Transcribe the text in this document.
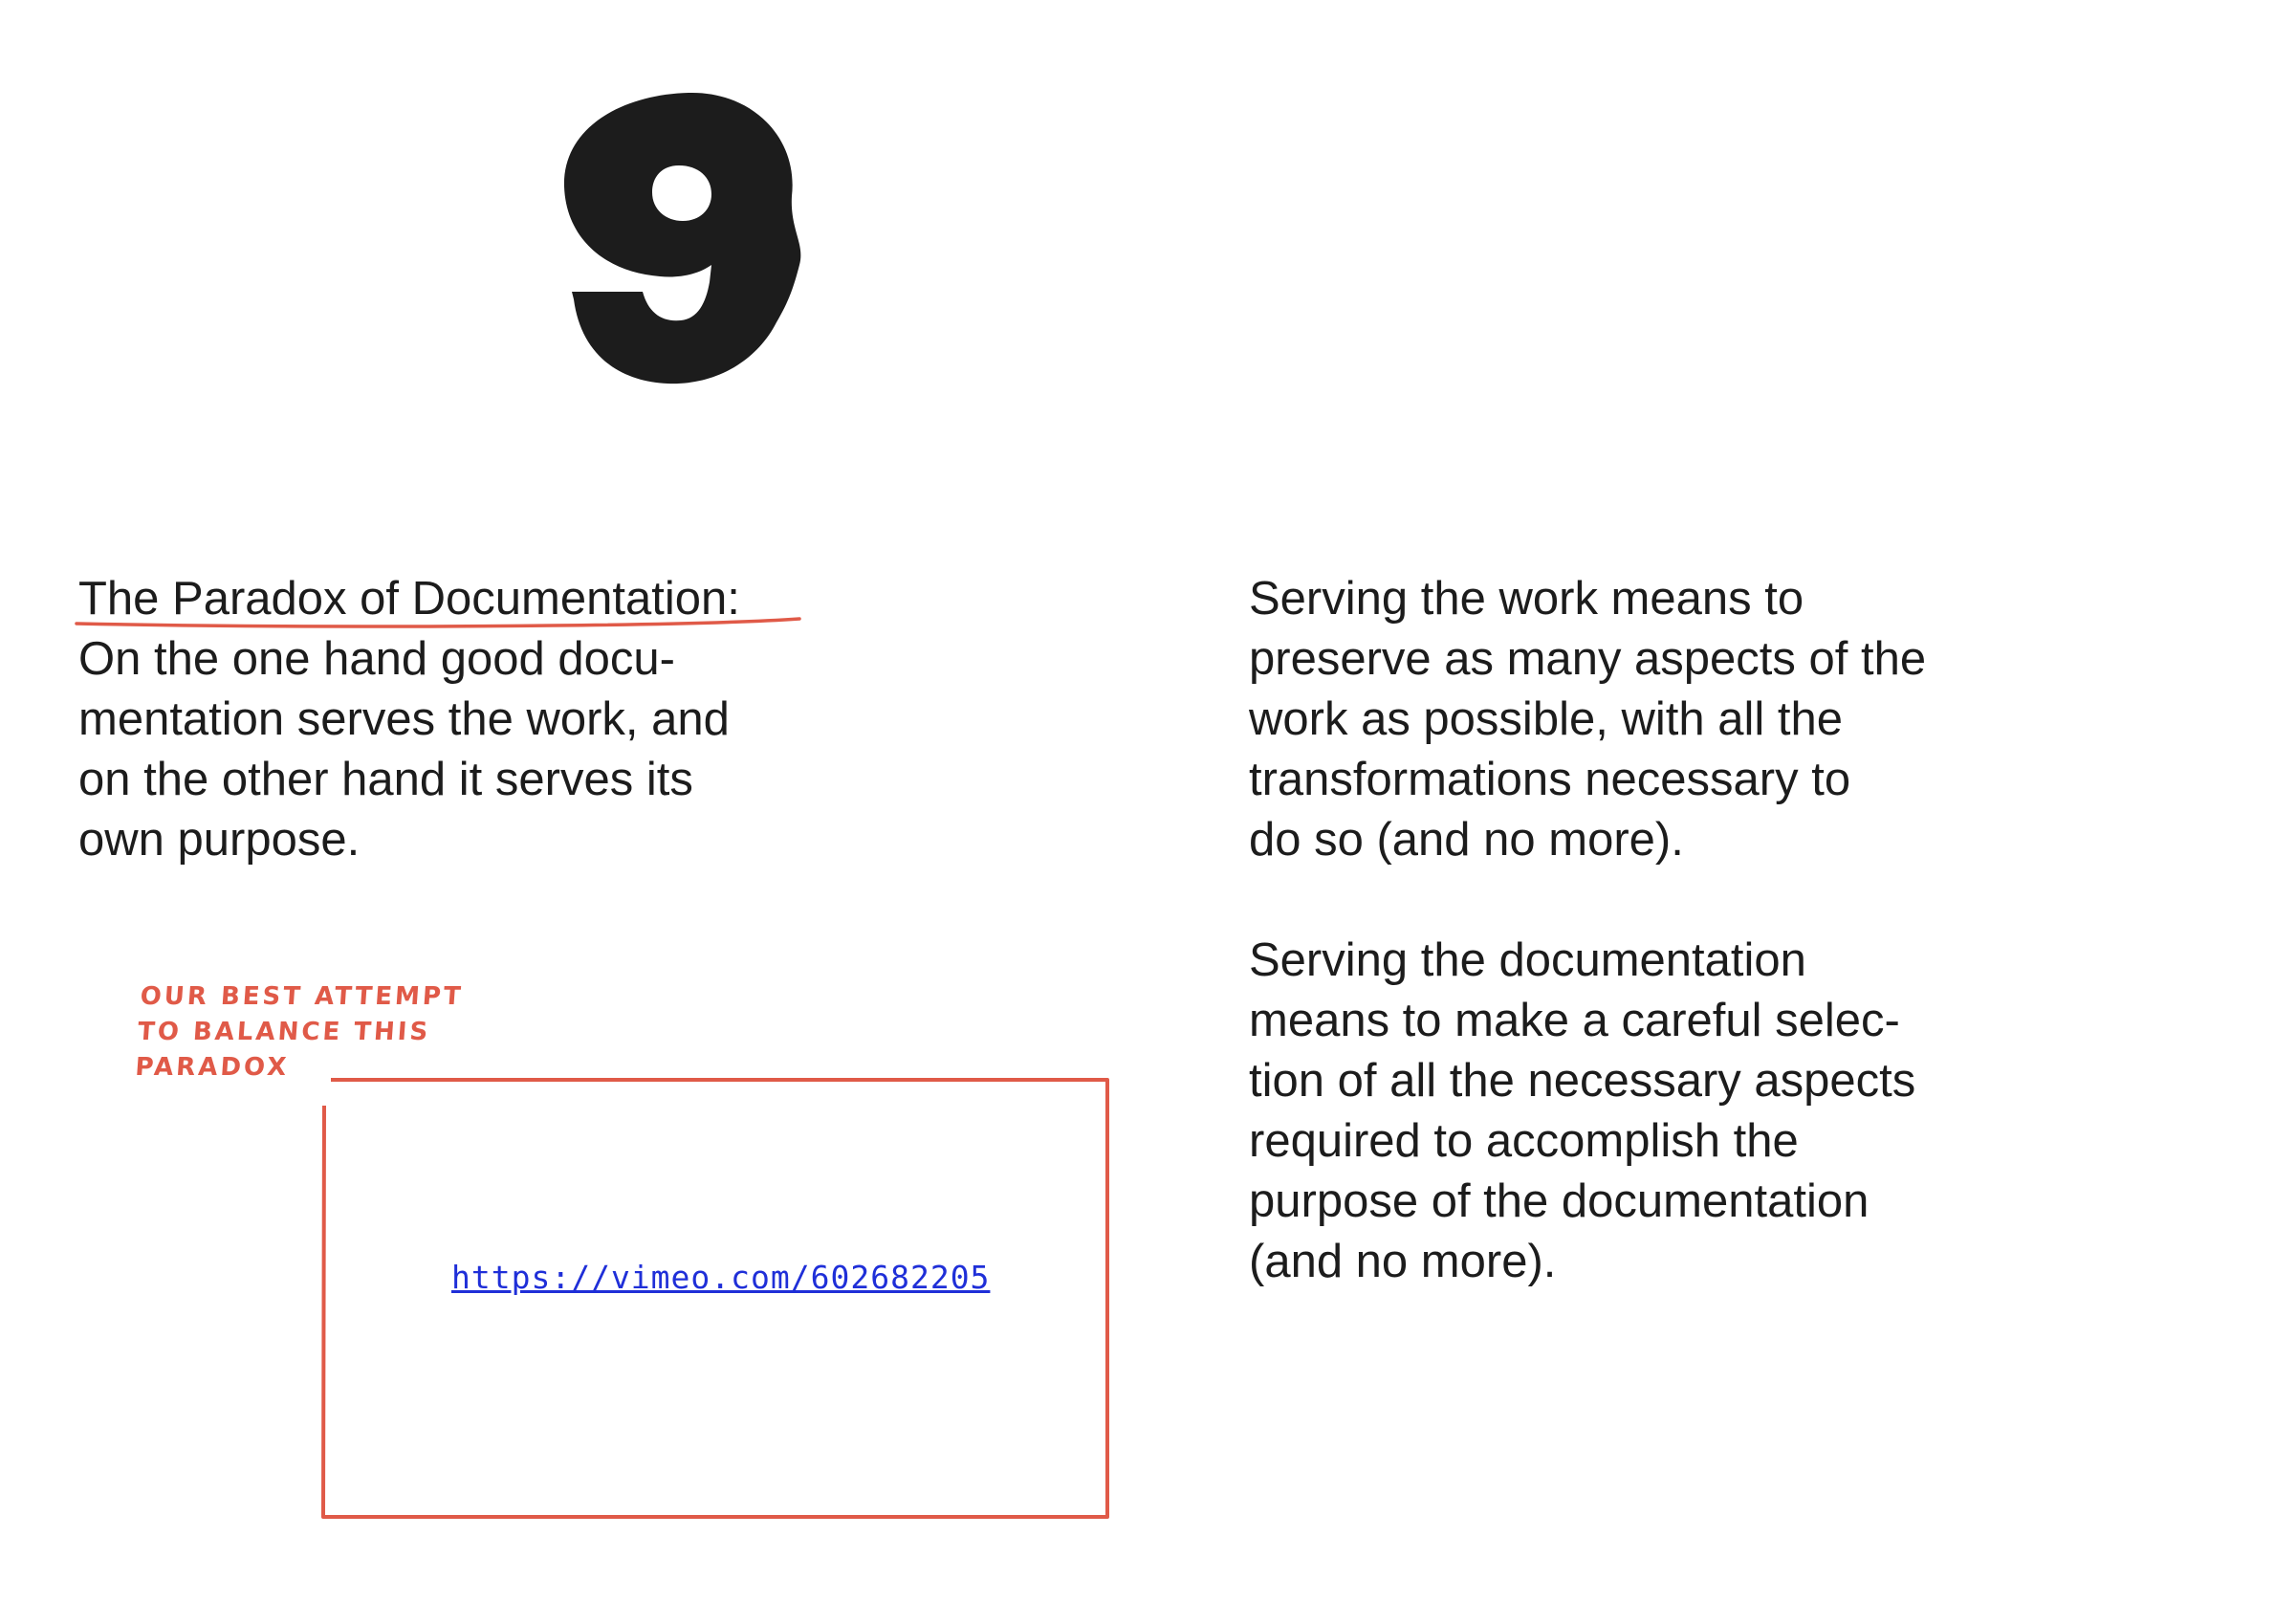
The Paradox of Documentation
:

On the one hand good docu-
mentation serves the work, and
on the other hand it serves its
own purpose.

Serving the work means to
preserve as many aspects of the
work as possible, with all the
transformations necessary to
do so (and no more).

Serving the documentation
means to make a careful selec-
tion of all the necessary aspects
required to accomplish the
purpose of the documentation
(and no more).

OUR BEST ATTEMPT
TO BALANCE THIS
PARADOX

https://vimeo.com/602682205
